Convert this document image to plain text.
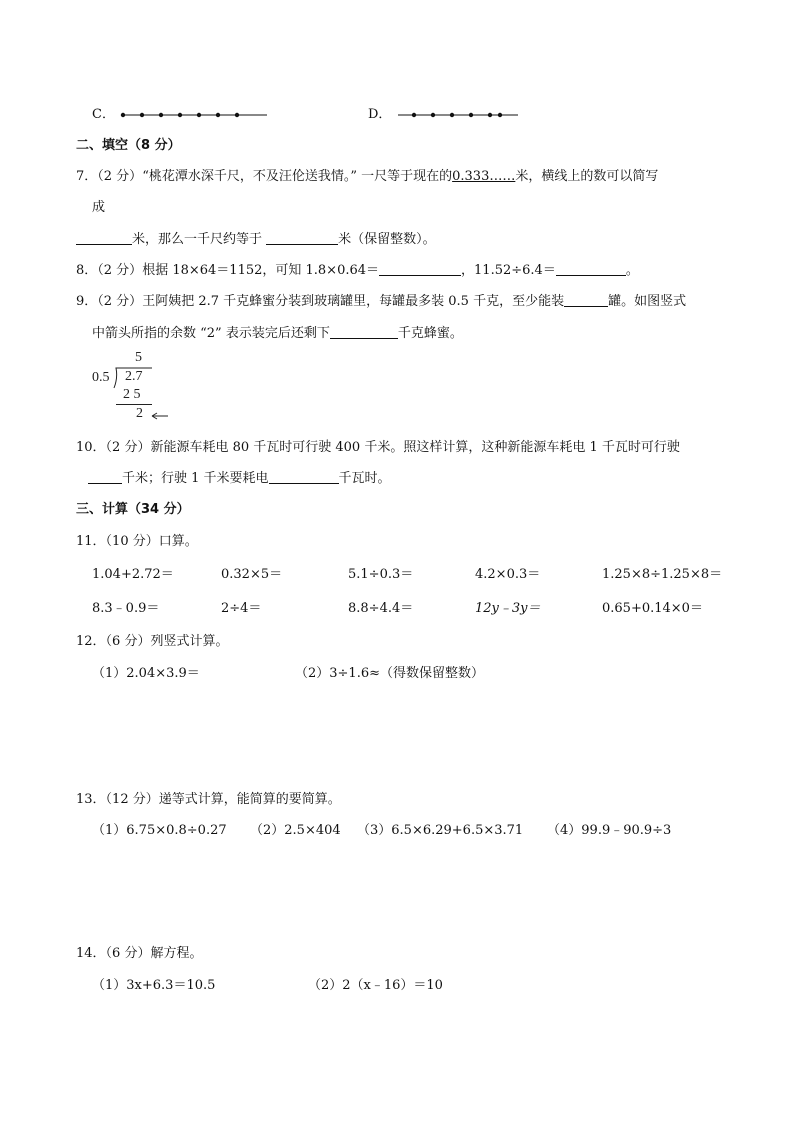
C．	D．
二、填空（8 分）
7．（2 分）“桃花潭水深千尺，不及汪伦送我情。” 一尺等于现在的0.333……米，横线上的数可以简写
成
米，那么一千尺约等于	米（保留整数）。
8．（2 分）根据 18×64＝1152，可知 1.8×0.64＝	，11.52÷6.4＝	。
9．（2 分）王阿姨把 2.7 千克蜂蜜分装到玻璃罐里，每罐最多装 0.5 千克，至少能装	罐。如图竖式
中箭头所指的余数 “2” 表示装完后还剩下	千克蜂蜜。
5
0.5 2.7
2 5
2
10．（2 分）新能源车耗电 80 千瓦时可行驶 400 千米。照这样计算，这种新能源车耗电 1 千瓦时可行驶
千米；行驶 1 千米要耗电	千瓦时。
三、计算（34 分）
11．（10 分）口算。
1.04+2.72＝	0.32×5＝	5.1÷0.3＝	4.2×0.3＝	1.25×8÷1.25×8＝
8.3﹣0.9＝	2÷4＝	8.8÷4.4＝	12y﹣3y＝	0.65+0.14×0＝
12．（6 分）列竖式计算。
（1）2.04×3.9＝	（2）3÷1.6≈（得数保留整数）
13．（12 分）递等式计算，能简算的要简算。
（1）6.75×0.8÷0.27 （2）2.5×404 （3）6.5×6.29+6.5×3.71 （4）99.9﹣90.9÷3
14．（6 分）解方程。
（1）3x+6.3＝10.5	（2）2（x﹣16）＝10
